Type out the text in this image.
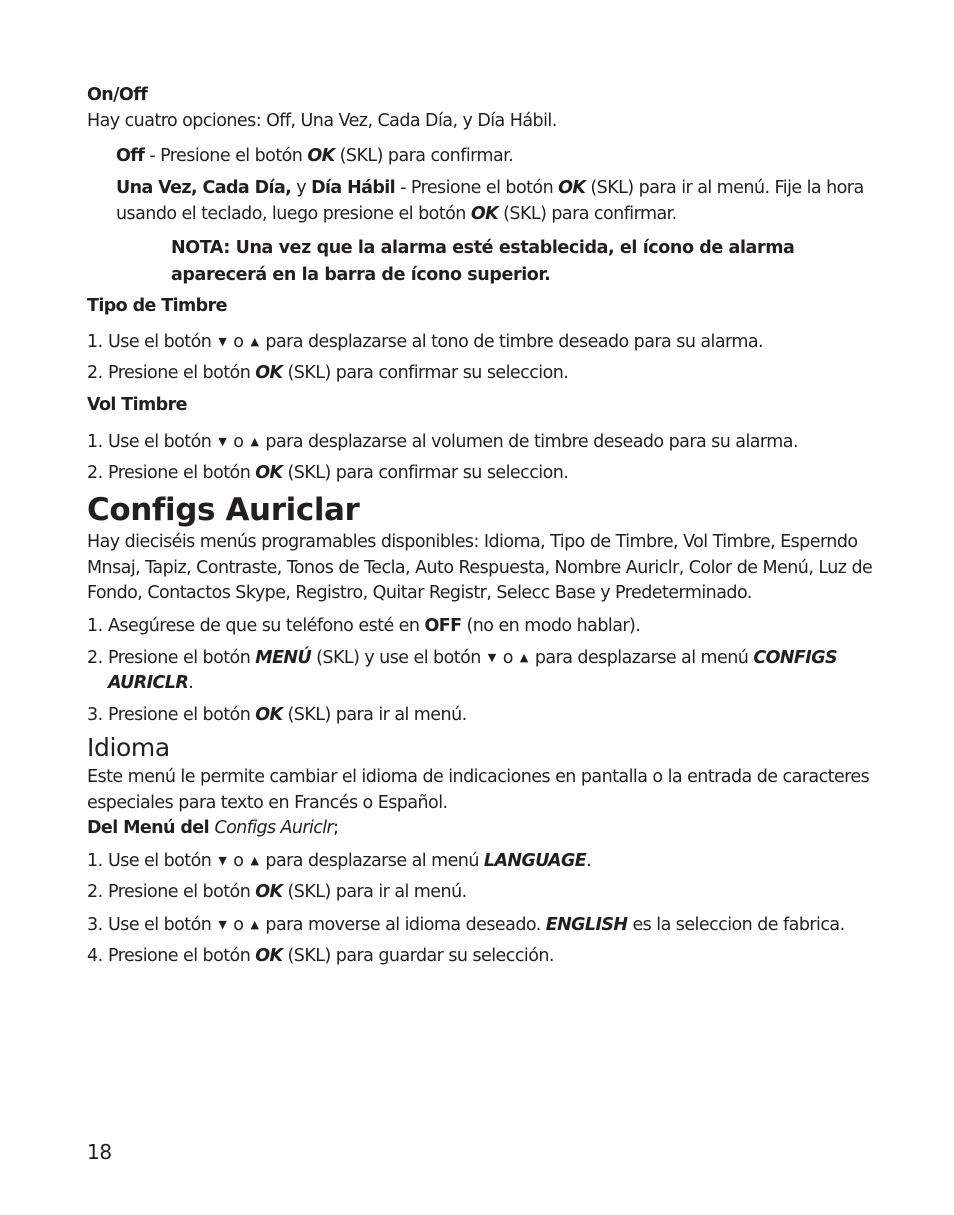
On/Off
Hay cuatro opciones: Off, Una Vez, Cada Día, y Día Hábil.
Off - Presione el botón OK (SKL) para confirmar.
Una Vez, Cada Día, y Día Hábil - Presione el botón OK (SKL) para ir al menú. Fije la hora
usando el teclado, luego presione el botón OK (SKL) para confirmar.
NOTA: Una vez que la alarma esté establecida, el ícono de alarma
aparecerá en la barra de ícono superior.
Tipo de Timbre
1. Use el botón ▼ o ▲ para desplazarse al tono de timbre deseado para su alarma.
2. Presione el botón OK (SKL) para confirmar su seleccion.
Vol Timbre
1. Use el botón ▼ o ▲ para desplazarse al volumen de timbre deseado para su alarma.
2. Presione el botón OK (SKL) para confirmar su seleccion.
Configs Auriclar
Hay dieciséis menús programables disponibles: Idioma, Tipo de Timbre, Vol Timbre, Esperndo
Mnsaj, Tapiz, Contraste, Tonos de Tecla, Auto Respuesta, Nombre Auriclr, Color de Menú, Luz de
Fondo, Contactos Skype, Registro, Quitar Registr, Selecc Base y Predeterminado.
1. Asegúrese de que su teléfono esté en OFF (no en modo hablar).
2. Presione el botón MENÚ (SKL) y use el botón ▼ o ▲ para desplazarse al menú CONFIGS
AURICLR.
3. Presione el botón OK (SKL) para ir al menú.
Idioma
Este menú le permite cambiar el idioma de indicaciones en pantalla o la entrada de caracteres
especiales para texto en Francés o Español.
Del Menú del Configs Auriclr;
1. Use el botón ▼ o ▲ para desplazarse al menú LANGUAGE.
2. Presione el botón OK (SKL) para ir al menú.
3. Use el botón ▼ o ▲ para moverse al idioma deseado. ENGLISH es la seleccion de fabrica.
4. Presione el botón OK (SKL) para guardar su selección.
18
